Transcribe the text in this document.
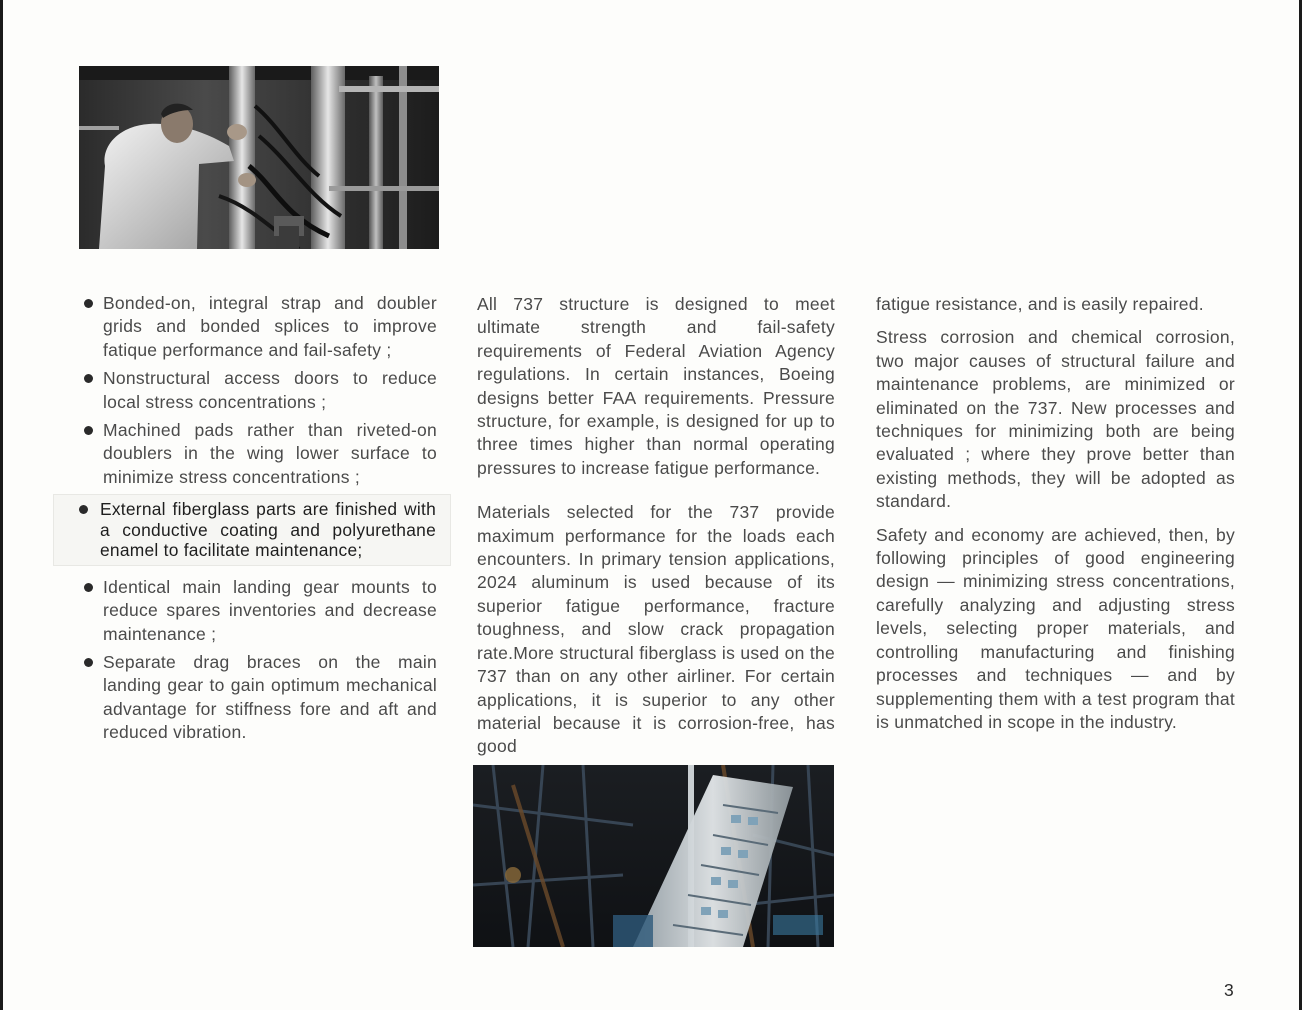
Bonded-on, integral strap and doubler grids and bonded splices to improve fatique performance and fail-safety ;
Nonstructural access doors to reduce local stress concentrations ;
Machined pads rather than riveted-on doublers in the wing lower surface to minimize stress concentrations ;
External fiberglass parts are finished with a conductive coating and polyurethane enamel to facilitate maintenance;
Identical main landing gear mounts to reduce spares inventories and decrease maintenance ;
Separate drag braces on the main landing gear to gain optimum mechanical advantage for stiffness fore and aft and reduced vibration.

All 737 structure is designed to meet ultimate strength and fail-safety requirements of Federal Aviation Agency regulations. In certain instances, Boeing designs better FAA requirements. Pressure structure, for example, is designed for up to three times higher than normal operating pressures to increase fatigue performance.

Materials selected for the 737 provide maximum performance for the loads each encounters. In primary tension applications, 2024 aluminum is used because of its superior fatigue performance, fracture toughness, and slow crack propagation rate.More structural fiberglass is used on the 737 than on any other airliner. For certain applications, it is superior to any other material because it is corrosion-free, has good

fatigue resistance, and is easily repaired.

Stress corrosion and chemical corrosion, two major causes of structural failure and maintenance problems, are minimized or eliminated on the 737. New processes and techniques for minimizing both are being evaluated ; where they prove better than existing methods, they will be adopted as standard.

Safety and economy are achieved, then, by following principles of good engineering design — minimizing stress concentrations, carefully analyzing and adjusting stress levels, selecting proper materials, and controlling manufacturing and finishing processes and techniques — and by supplementing them with a test program that is unmatched in scope in the industry.

3
